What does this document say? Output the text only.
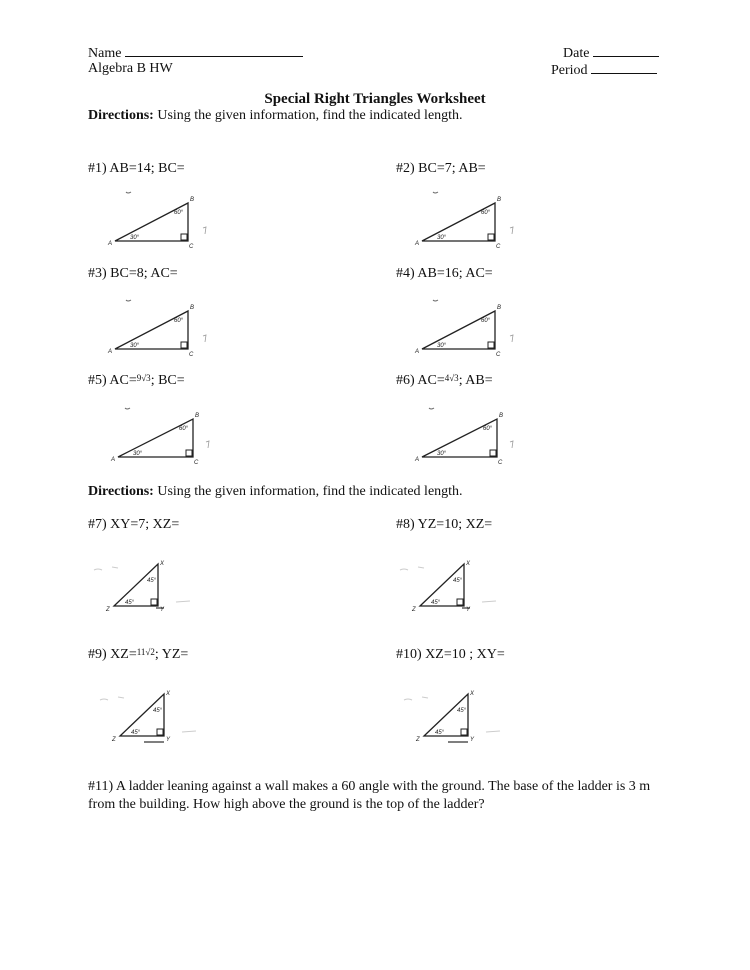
Name
Algebra B HW
Date
Period
Special Right Triangles Worksheet
Directions: Using the given information, find the indicated length.
#1) AB=14; BC=	#2) BC=7; AB=
#3) BC=8; AC=	#4) AB=16; AC=
#5) AC=$^{9√3}$; BC=	#6) AC=$^{4√3}$; AB=
A
B
C
30°
60°
A
B
C
30°
60°
A
B
C
30°
60°
A
B
C
30°
60°
A
B
C
30°
60°
A
B
C
30°
60°
Directions: Using the given information, find the indicated length.
#7) XY=7; XZ=	#8) YZ=10; XZ=
#9) XZ=$^{11√2}$; YZ=	#10) XZ=10 ; XY=
Z
X
Y
45°
45°
Z
X
Y
45°
45°
Z
X
Y
45°
45°
Z
X
Y
45°
45°
#11) A ladder leaning against a wall makes a 60 angle with the ground. The base of the ladder is 3 m from the building. How high above the ground is the top of the ladder?
